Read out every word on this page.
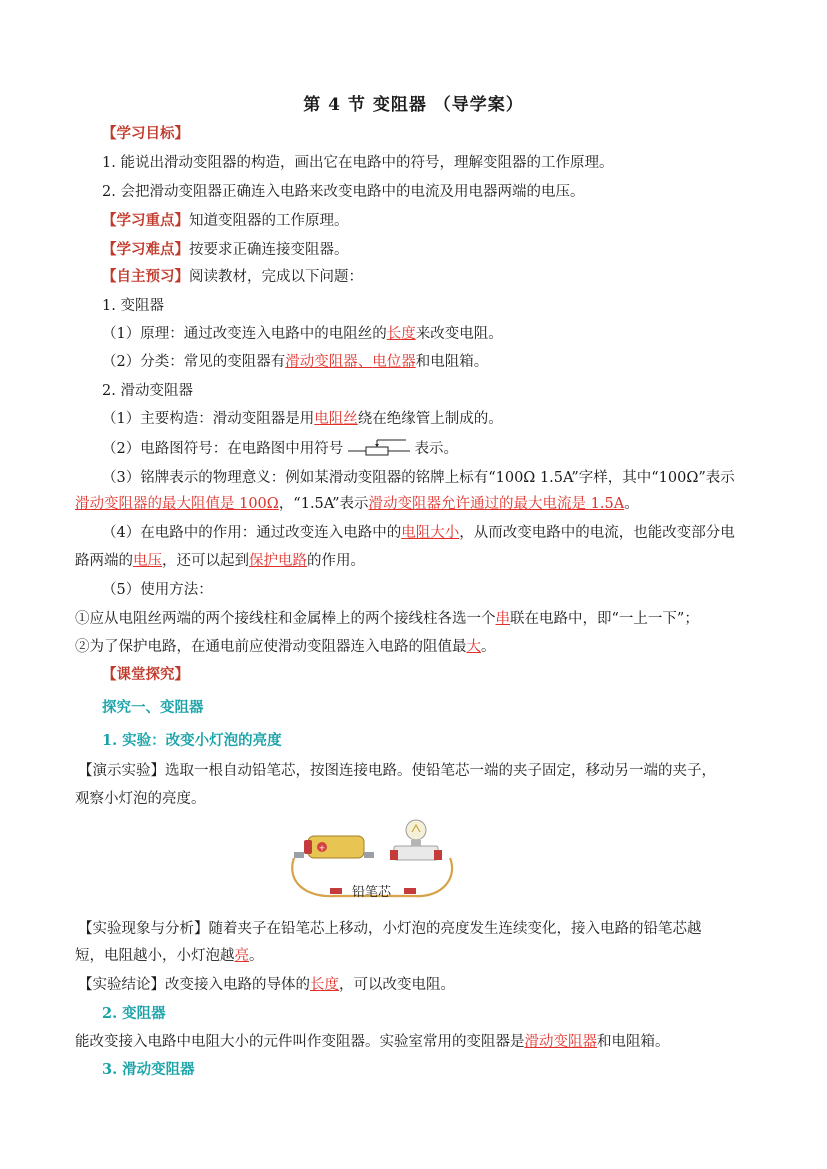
第 4 节 变阻器 （导学案）
【学习目标】
1. 能说出滑动变阻器的构造，画出它在电路中的符号，理解变阻器的工作原理。
2. 会把滑动变阻器正确连入电路来改变电路中的电流及用电器两端的电压。
【学习重点】知道变阻器的工作原理。
【学习难点】按要求正确连接变阻器。
【自主预习】阅读教材，完成以下问题：
1. 变阻器
（1）原理：通过改变连入电路中的电阻丝的长度来改变电阻。
（2）分类：常见的变阻器有滑动变阻器、电位器和电阻箱。
2. 滑动变阻器
（1）主要构造：滑动变阻器是用电阻丝绕在绝缘管上制成的。
（2）电路图符号：在电路图中用符号	表示。
（3）铭牌表示的物理意义：例如某滑动变阻器的铭牌上标有“100Ω 1.5A”字样，其中“100Ω”表示
滑动变阻器的最大阻值是 100Ω，“1.5A”表示滑动变阻器允许通过的最大电流是 1.5A。
（4）在电路中的作用：通过改变连入电路中的电阻大小，从而改变电路中的电流，也能改变部分电
路两端的电压，还可以起到保护电路的作用。
（5）使用方法：
①应从电阻丝两端的两个接线柱和金属棒上的两个接线柱各选一个串联在电路中，即“一上一下”；
②为了保护电路，在通电前应使滑动变阻器连入电路的阻值最大。
【课堂探究】
探究一、变阻器
1. 实验：改变小灯泡的亮度
【演示实验】选取一根自动铅笔芯，按图连接电路。使铅笔芯一端的夹子固定，移动另一端的夹子，
观察小灯泡的亮度。
+
铅笔芯
【实验现象与分析】随着夹子在铅笔芯上移动，小灯泡的亮度发生连续变化，接入电路的铅笔芯越
短，电阻越小，小灯泡越亮。
【实验结论】改变接入电路的导体的长度，可以改变电阻。
2. 变阻器
能改变接入电路中电阻大小的元件叫作变阻器。实验室常用的变阻器是滑动变阻器和电阻箱。
3. 滑动变阻器
